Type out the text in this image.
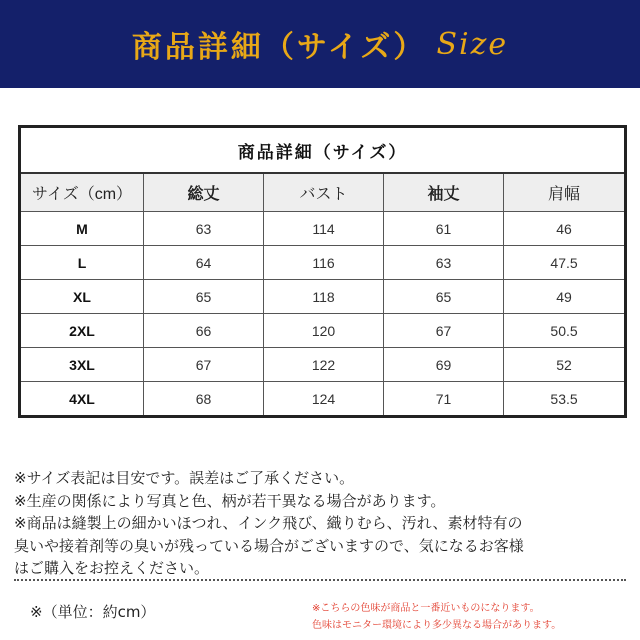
商品詳細（サイズ） Size
商品詳細（サイズ）				
サイズ（cm）	総丈	バスト	袖丈	肩幅
M	63	114	61	46
L	64	116	63	47.5
XL	65	118	65	49
2XL	66	120	67	50.5
3XL	67	122	69	52
4XL	68	124	71	53.5
※サイズ表記は目安です。誤差はご了承ください。
※生産の関係により写真と色、柄が若干異なる場合があります。
※商品は縫製上の細かいほつれ、インク飛び、織りむら、汚れ、素材特有の
臭いや接着剤等の臭いが残っている場合がございますので、気になるお客様
はご購入をお控えください。
※（単位：約cm）	※こちらの色味が商品と一番近いものになります。
色味はモニター環境により多少異なる場合があります。
